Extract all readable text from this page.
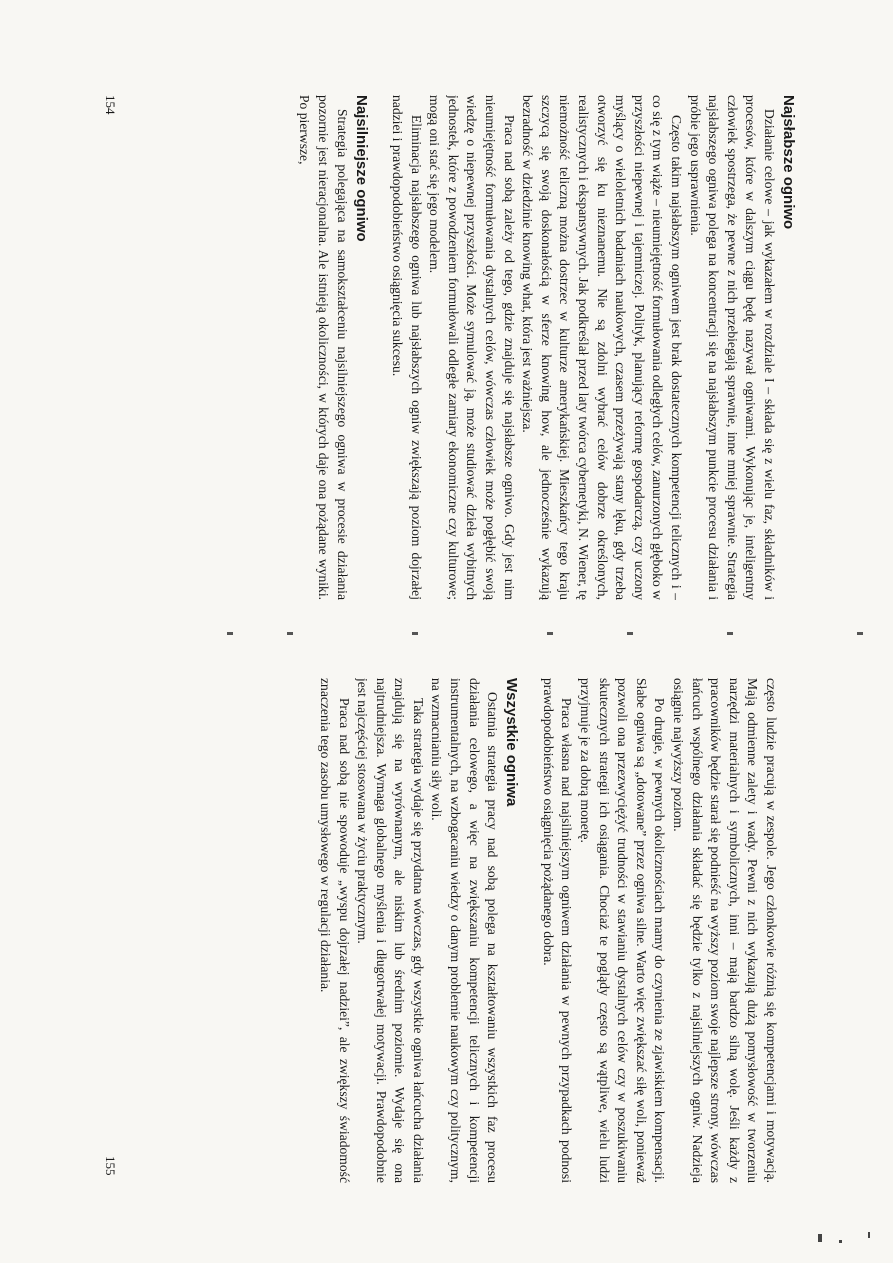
Najsłabsze ogniwo

Działanie celowe – jak wykazałem w rozdziale I – składa się z wielu faz, składników i procesów, które w dalszym ciągu będę nazywał ogniwami. Wykonując je, inteligentny człowiek spostrzega, że pewne z nich przebiegają sprawnie, inne mniej sprawnie. Strategia najsłabszego ogniwa polega na koncentracji się na najsłabszym punkcie procesu działania i próbie jego usprawnienia.

Często takim najsłabszym ogniwem jest brak dostatecznych kompetencji telicznych i – co się z tym wiąże – nieumiejętność formułowania odległych celów, zanurzonych głęboko w przyszłości niepewnej i tajemniczej. Polityk, planujący reformę gospodarczą, czy uczony myślący o wieloletnich badaniach naukowych, czasem przeżywają stany lęku, gdy trzeba otworzyć się ku nieznanemu. Nie są zdolni wybrać celów dobrze określonych, realistycznych i ekspansywnych. Jak podkreślał przed laty twórca cybernetyki, N. Wiener, tę niemożność teliczną można dostrzec w kulturze amerykańskiej. Mieszkańcy tego kraju szczycą się swoją doskonałością w sferze knowing how, ale jednocześnie wykazują bezradność w dziedzinie knowing what, która jest ważniejsza.

Praca nad sobą zależy od tego, gdzie znajduje się najsłabsze ogniwo. Gdy jest nim nieumiejętność formułowania dystalnych celów, wówczas człowiek może pogłębić swoją wiedzę o niepewnej przyszłości. Może symulować ją, może studiować dzieła wybitnych jednostek, które z powodzeniem formułowali odległe zamiary ekonomiczne czy kulturowe; mogą oni stać się jego modelem.

Eliminacja najsłabszego ogniwa lub najsłabszych ogniw zwiększają poziom dojrzałej nadziei i prawdopodobieństwo osiągnięcia sukcesu.

Najsilniejsze ogniwo

Strategia polegająca na samokształceniu najsilniejszego ogniwa w procesie działania pozornie jest nieracjonalna. Ale istnieją okoliczności, w których daje ona pożądane wyniki. Po pierwsze,

154

często ludzie pracują w zespole. Jego członkowie różnią się kompetencjami i motywacją. Mają odmienne zalety i wady. Pewni z nich wykazują dużą pomysłowość w tworzeniu narzędzi materialnych i symbolicznych, inni – mają bardzo silną wolę. Jeśli każdy z pracowników będzie starał się podnieść na wyższy poziom swoje najlepsze strony, wówczas łańcuch wspólnego działania składać się będzie tylko z najsilniejszych ogniw. Nadzieja osiągnie najwyższy poziom.

Po drugie, w pewnych okolicznościach mamy do czynienia ze zjawiskiem kompensacji. Słabe ogniwa są „dotowane” przez ogniwa silne. Warto więc zwiększać siłę woli, ponieważ pozwoli ona przezwyciężyć trudności w stawianiu dystalnych celów czy w poszukiwaniu skutecznych strategii ich osiągania. Chociaż te poglądy często są wątpliwe, wielu ludzi przyjmuje je za dobrą monetę.

Praca własna nad najsilniejszym ogniwem działania w pewnych przypadkach podnosi prawdopodobieństwo osiągnięcia pożądanego dobra.

Wszystkie ogniwa

Ostatnia strategia pracy nad sobą polega na kształtowaniu wszystkich faz procesu działania celowego, a więc na zwiększaniu kompetencji telicznych i kompetencji instrumentalnych, na wzbogacaniu wiedzy o danym problemie naukowym czy politycznym, na wzmacnianiu siły woli.

Taka strategia wydaje się przydatna wówczas, gdy wszystkie ogniwa łańcucha działania znajdują się na wyrównanym, ale niskim lub średnim poziomie. Wydaje się ona najtrudniejsza. Wymaga globalnego myślenia i długotrwałej motywacji. Prawdopodobnie jest najczęściej stosowana w życiu praktycznym.

Praca nad sobą nie spowoduje „wyspu dojrzałej nadziei”, ale zwiększy świadomość znaczenia tego zasobu umysłowego w regulacji działania.

155
